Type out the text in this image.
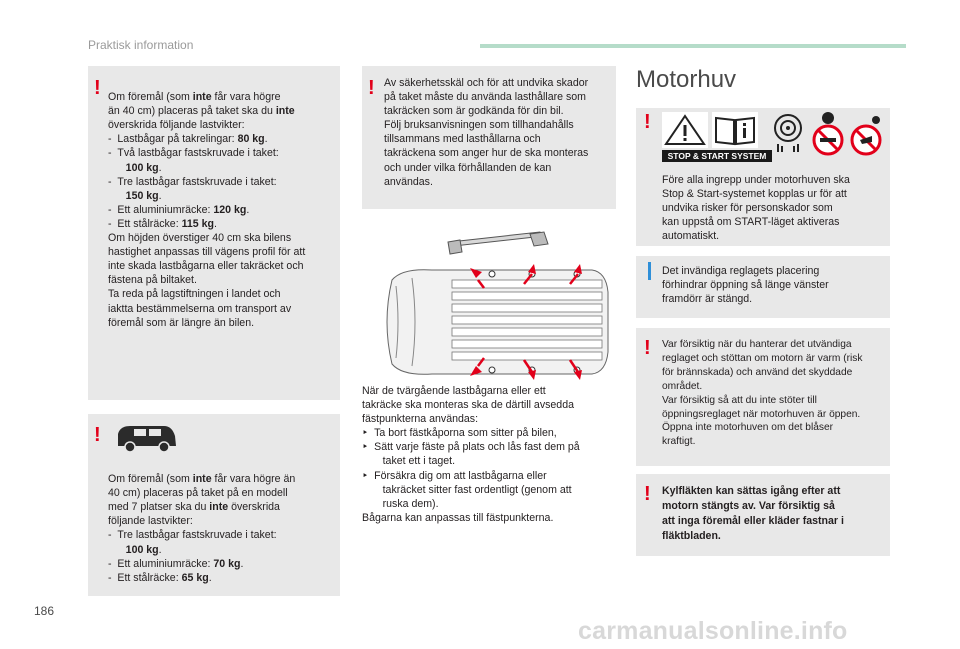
Praktisk information
! Om föremål (som inte får vara högre
än 40 cm) placeras på taket ska du inte
överskrida följande lastvikter:
-  Lastbågar på takrelingar: 80 kg.
-  Två lastbågar fastskruvade i taket:
100 kg.
-  Tre lastbågar fastskruvade i taket:
150 kg.
-  Ett aluminiumräcke: 120 kg.
-  Ett stålräcke: 115 kg.
Om höjden överstiger 40 cm ska bilens
hastighet anpassas till vägens profil för att
inte skada lastbågarna eller takräcket och
fästena på biltaket.
Ta reda på lagstiftningen i landet och
iaktta bestämmelserna om transport av
föremål som är längre än bilen.
!

Om föremål (som inte får vara högre än
40 cm) placeras på taket på en modell
med 7 platser ska du inte överskrida
följande lastvikter:
-  Tre lastbågar fastskruvade i taket:
100 kg.
-  Ett aluminiumräcke: 70 kg.
-  Ett stålräcke: 65 kg.
! Av säkerhetsskäl och för att undvika skador
på taket måste du använda lasthållare som
takräcken som är godkända för din bil.
Följ bruksanvisningen som tillhandahålls
tillsammans med lasthållarna och
takräckena som anger hur de ska monteras
och under vilka förhållanden de kan
användas.
När de tvärgående lastbågarna eller ett
takräcke ska monteras ska de därtill avsedda
fästpunkterna användas:
‣  Ta bort fästkåporna som sitter på bilen,
‣  Sätt varje fäste på plats och lås fast dem på
taket ett i taget.
‣  Försäkra dig om att lastbågarna eller
takräcket sitter fast ordentligt (genom att
ruska dem).
Bågarna kan anpassas till fästpunkterna.
Motorhuv
!
STOP & START SYSTEM
Före alla ingrepp under motorhuven ska
Stop & Start-systemet kopplas ur för att
undvika risker för personskador som
kan uppstå om START-läget aktiveras
automatiskt.
Det invändiga reglagets placering
förhindrar öppning så länge vänster
framdörr är stängd.
! Var försiktig när du hanterar det utvändiga
reglaget och stöttan om motorn är varm (risk
för brännskada) och använd det skyddade
området.
Var försiktig så att du inte stöter till
öppningsreglaget när motorhuven är öppen.
Öppna inte motorhuven om det blåser
kraftigt.
! Kylfläkten kan sättas igång efter att
motorn stängts av. Var försiktig så
att inga föremål eller kläder fastnar i
fläktbladen.
186
carmanualsonline.info
